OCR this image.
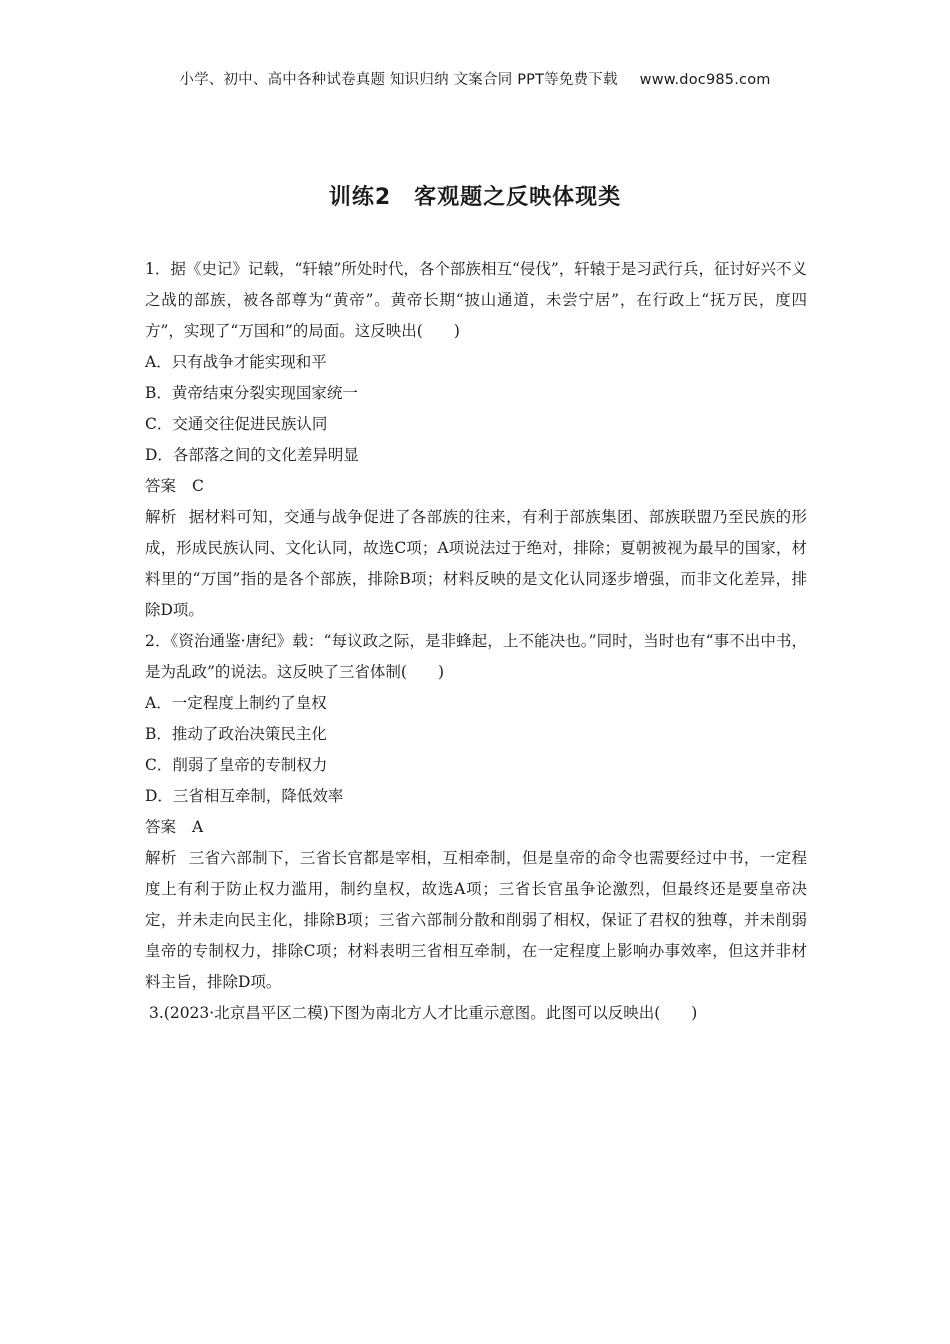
小学、初中、高中各种试卷真题 知识归纳 文案合同 PPT等免费下载 www.doc985.com
训练2　客观题之反映体现类

1．据《史记》记载，“轩辕”所处时代，各个部族相互“侵伐”，轩辕于是习武行兵，征讨好兴不义之战的部族，被各部尊为“黄帝”。黄帝长期“披山通道，未尝宁居”，在行政上“抚万民，度四方”，实现了“万国和”的局面。这反映出(　　)

A．只有战争才能实现和平

B．黄帝结束分裂实现国家统一

C．交通交往促进民族认同

D．各部落之间的文化差异明显

答案 C

解析 据材料可知，交通与战争促进了各部族的往来，有利于部族集团、部族联盟乃至民族的形成，形成民族认同、文化认同，故选C项；A项说法过于绝对，排除；夏朝被视为最早的国家，材料里的“万国”指的是各个部族，排除B项；材料反映的是文化认同逐步增强，而非文化差异，排除D项。

2．《资治通鉴·唐纪》载：“每议政之际，是非蜂起，上不能决也。”同时，当时也有“事不出中书，是为乱政”的说法。这反映了三省体制(　　)

A．一定程度上制约了皇权

B．推动了政治决策民主化

C．削弱了皇帝的专制权力

D．三省相互牵制，降低效率

答案 A

解析 三省六部制下，三省长官都是宰相，互相牵制，但是皇帝的命令也需要经过中书，一定程度上有利于防止权力滥用，制约皇权，故选A项；三省长官虽争论激烈，但最终还是要皇帝决定，并未走向民主化，排除B项；三省六部制分散和削弱了相权，保证了君权的独尊，并未削弱皇帝的专制权力，排除C项；材料表明三省相互牵制，在一定程度上影响办事效率，但这并非材料主旨，排除D项。

3.(2023·北京昌平区二模)下图为南北方人才比重示意图。此图可以反映出(　　)
